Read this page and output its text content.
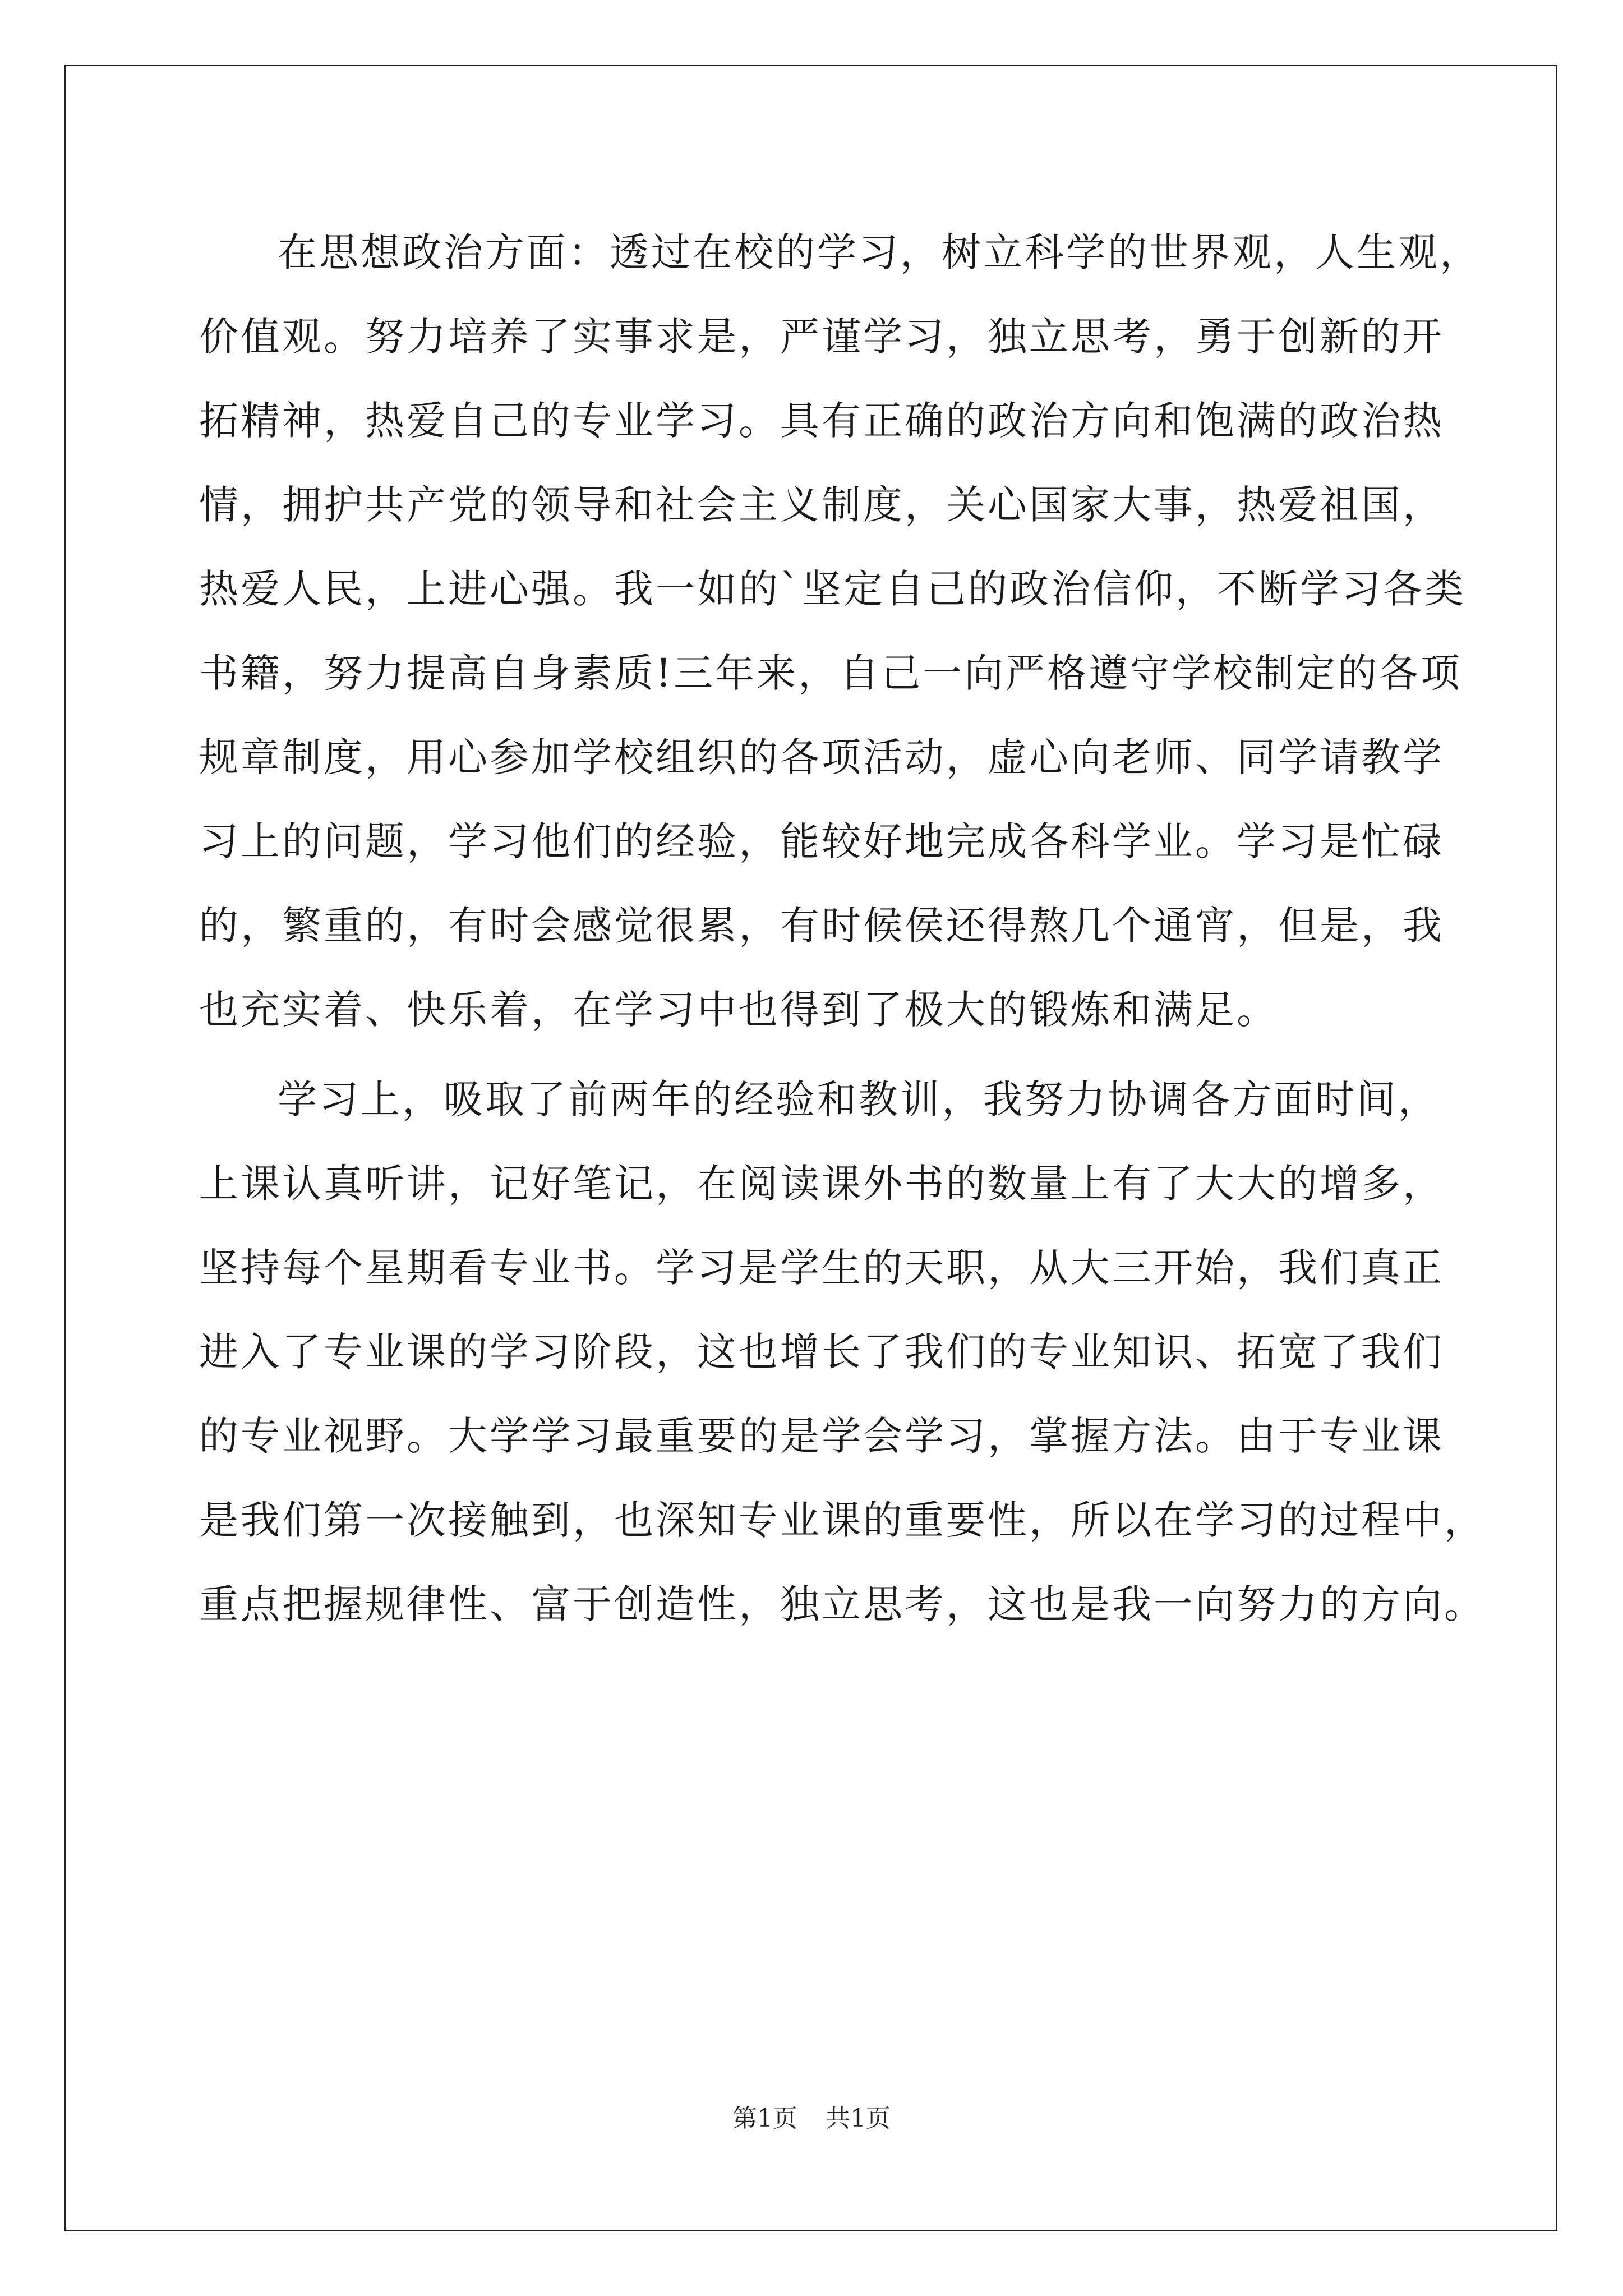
在思想政治方面：透过在校的学习，树立科学的世界观，人生观，
价值观。努力培养了实事求是，严谨学习，独立思考，勇于创新的开
拓精神，热爱自己的专业学习。具有正确的政治方向和饱满的政治热
情，拥护共产党的领导和社会主义制度，关心国家大事，热爱祖国，
热爱人民，上进心强。我一如的`坚定自己的政治信仰，不断学习各类
书籍，努力提高自身素质!三年来，自己一向严格遵守学校制定的各项
规章制度，用心参加学校组织的各项活动，虚心向老师、同学请教学
习上的问题，学习他们的经验，能较好地完成各科学业。学习是忙碌
的，繁重的，有时会感觉很累，有时候侯还得熬几个通宵，但是，我
也充实着、快乐着，在学习中也得到了极大的锻炼和满足。
学习上，吸取了前两年的经验和教训，我努力协调各方面时间，
上课认真听讲，记好笔记，在阅读课外书的数量上有了大大的增多，
坚持每个星期看专业书。学习是学生的天职，从大三开始，我们真正
进入了专业课的学习阶段，这也增长了我们的专业知识、拓宽了我们
的专业视野。大学学习最重要的是学会学习，掌握方法。由于专业课
是我们第一次接触到，也深知专业课的重要性，所以在学习的过程中，
重点把握规律性、富于创造性，独立思考，这也是我一向努力的方向。
第1页 共1页
